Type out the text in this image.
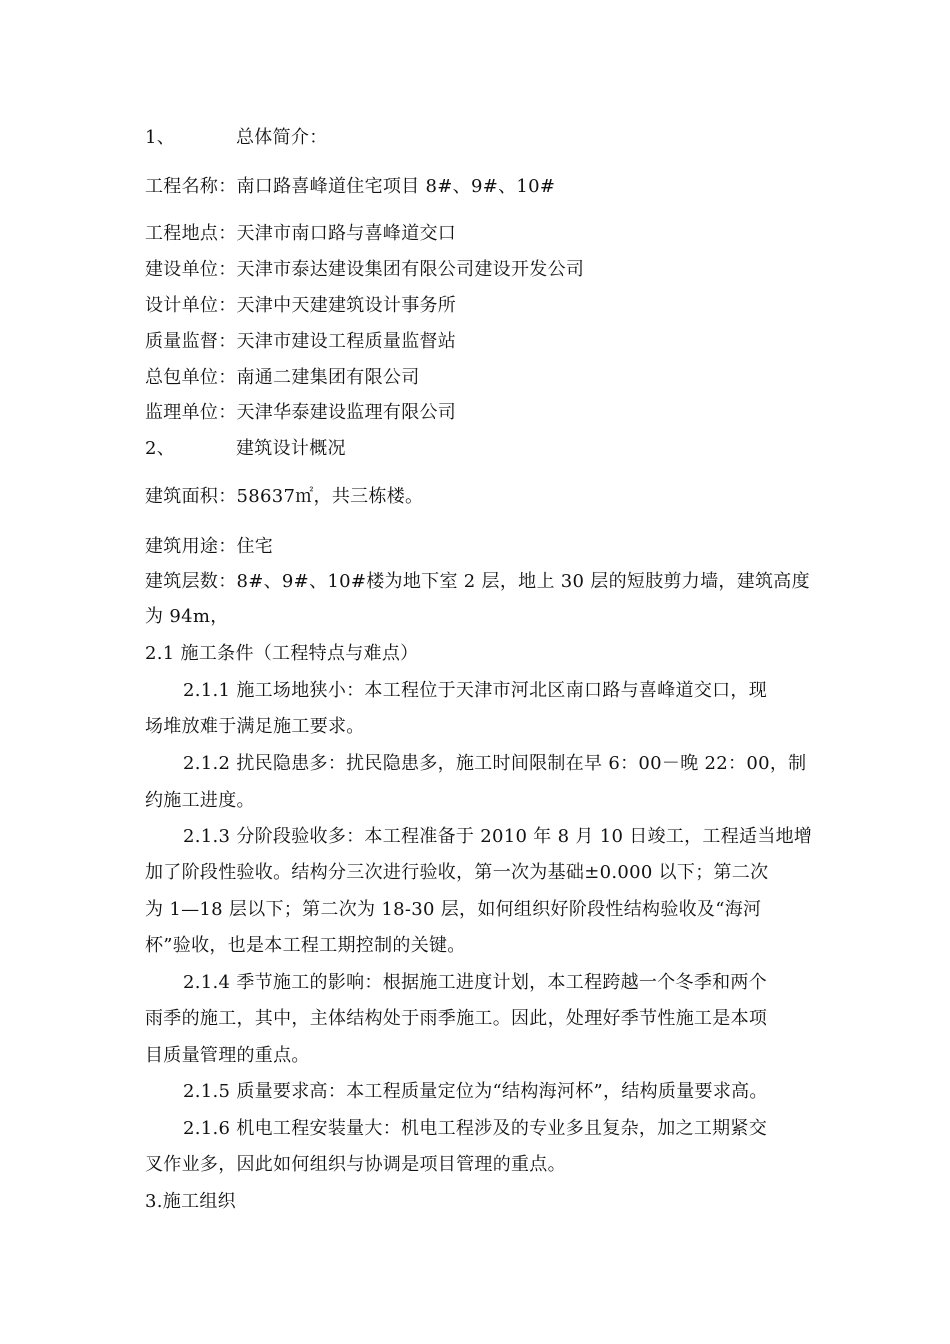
1、	总体简介：
工程名称：南口路喜峰道住宅项目 8#、9#、10#
工程地点：天津市南口路与喜峰道交口
建设单位：天津市泰达建设集团有限公司建设开发公司
设计单位：天津中天建建筑设计事务所
质量监督：天津市建设工程质量监督站
总包单位：南通二建集团有限公司
监理单位：天津华泰建设监理有限公司
2、	建筑设计概况
建筑面积：58637㎡，共三栋楼。
建筑用途：住宅
建筑层数：8#、9#、10#楼为地下室 2 层，地上 30 层的短肢剪力墙，建筑高度
为 94m，
2.1 施工条件（工程特点与难点）
2.1.1 施工场地狭小：本工程位于天津市河北区南口路与喜峰道交口，现
场堆放难于满足施工要求。
2.1.2 扰民隐患多：扰民隐患多，施工时间限制在早 6：00－晚 22：00，制
约施工进度。
2.1.3 分阶段验收多：本工程准备于 2010 年 8 月 10 日竣工，工程适当地增
加了阶段性验收。结构分三次进行验收，第一次为基础±0.000 以下；第二次
为 1—18 层以下；第二次为 18-30 层，如何组织好阶段性结构验收及“海河
杯”验收，也是本工程工期控制的关键。
2.1.4 季节施工的影响：根据施工进度计划，本工程跨越一个冬季和两个
雨季的施工，其中，主体结构处于雨季施工。因此，处理好季节性施工是本项
目质量管理的重点。
2.1.5 质量要求高：本工程质量定位为“结构海河杯”，结构质量要求高。
2.1.6 机电工程安装量大：机电工程涉及的专业多且复杂，加之工期紧交
叉作业多，因此如何组织与协调是项目管理的重点。
3.施工组织
